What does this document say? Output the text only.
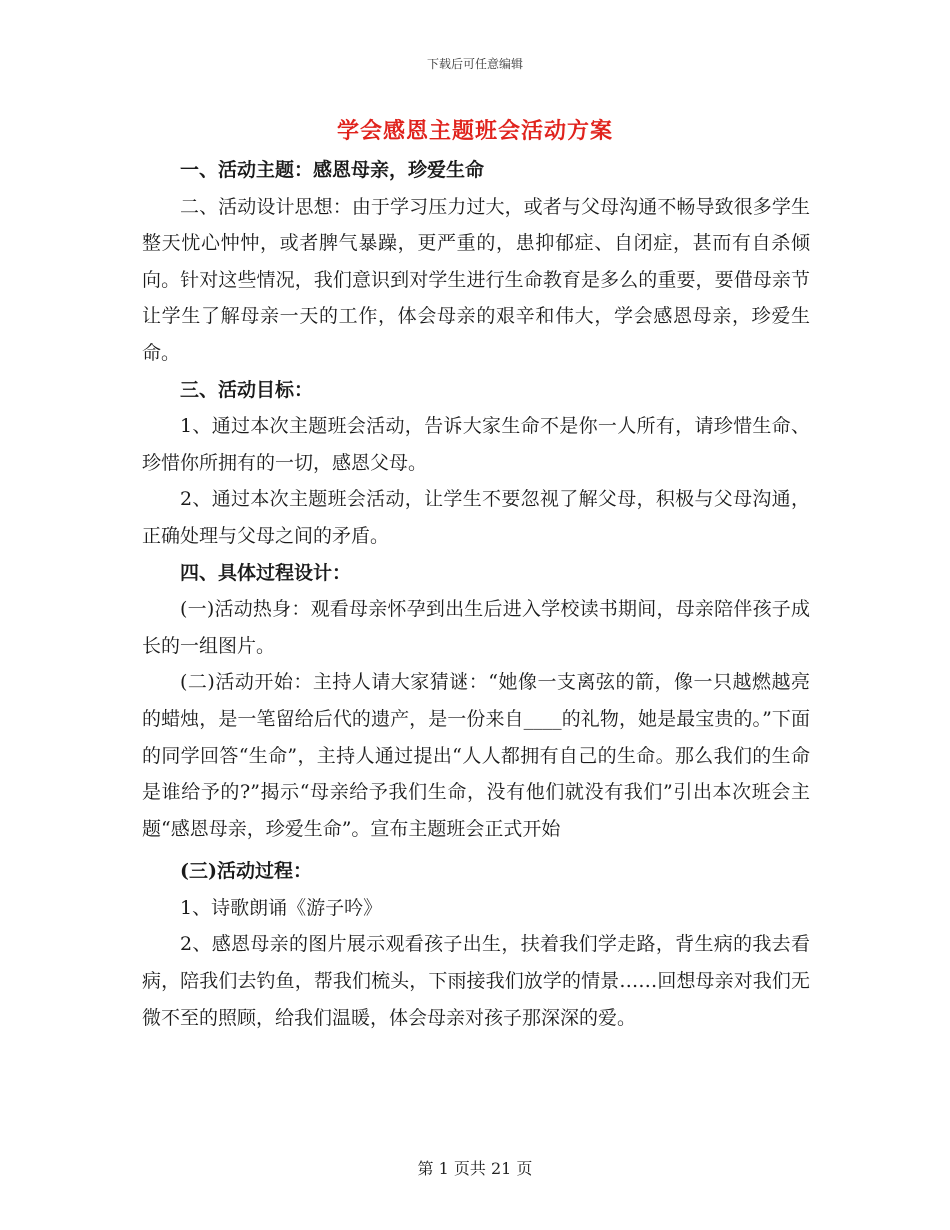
下载后可任意编辑
学会感恩主题班会活动方案

一、活动主题：感恩母亲，珍爱生命

二、活动设计思想：由于学习压力过大，或者与父母沟通不畅导致很多学生整天忧心忡忡，或者脾气暴躁，更严重的，患抑郁症、自闭症，甚而有自杀倾向。针对这些情况，我们意识到对学生进行生命教育是多么的重要，要借母亲节让学生了解母亲一天的工作，体会母亲的艰辛和伟大，学会感恩母亲，珍爱生命。

三、活动目标：

1、通过本次主题班会活动，告诉大家生命不是你一人所有，请珍惜生命、珍惜你所拥有的一切，感恩父母。

2、通过本次主题班会活动，让学生不要忽视了解父母，积极与父母沟通，正确处理与父母之间的矛盾。

四、具体过程设计：

(一)活动热身：观看母亲怀孕到出生后进入学校读书期间，母亲陪伴孩子成长的一组图片。

(二)活动开始：主持人请大家猜谜：“她像一支离弦的箭，像一只越燃越亮的蜡烛，是一笔留给后代的遗产，是一份来自____的礼物，她是最宝贵的。”下面的同学回答“生命”，主持人通过提出“人人都拥有自己的生命。那么我们的生命是谁给予的?”揭示“母亲给予我们生命，没有他们就没有我们”引出本次班会主题“感恩母亲，珍爱生命”。宣布主题班会正式开始

(三)活动过程：

1、诗歌朗诵《游子吟》

2、感恩母亲的图片展示观看孩子出生，扶着我们学走路，背生病的我去看病，陪我们去钓鱼，帮我们梳头，下雨接我们放学的情景……回想母亲对我们无微不至的照顾，给我们温暖，体会母亲对孩子那深深的爱。

第 1 页共 21 页
